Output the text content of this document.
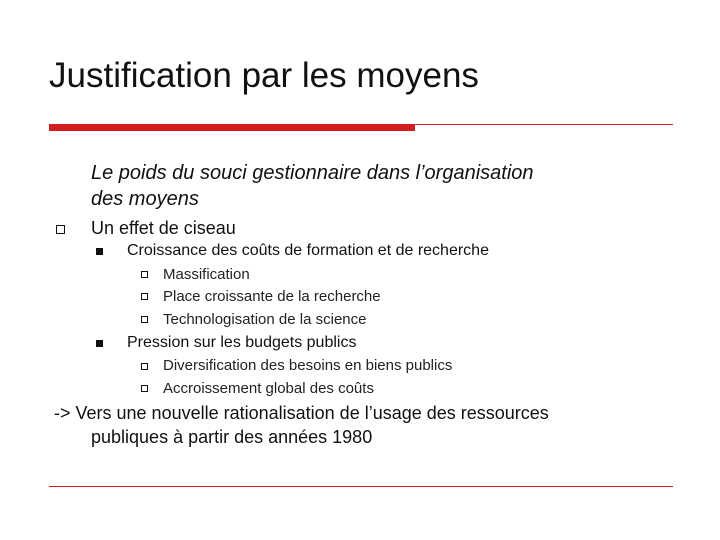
Justification par les moyens
Le poids du souci gestionnaire dans l’organisation
des moyens
Un effet de ciseau
Croissance des coûts de formation et de recherche
Massification
Place croissante de la recherche
Technologisation de la science
Pression sur les budgets publics
Diversification des besoins en biens publics
Accroissement global des coûts
-> Vers une nouvelle rationalisation de l’usage des ressources
publiques à partir des années 1980
